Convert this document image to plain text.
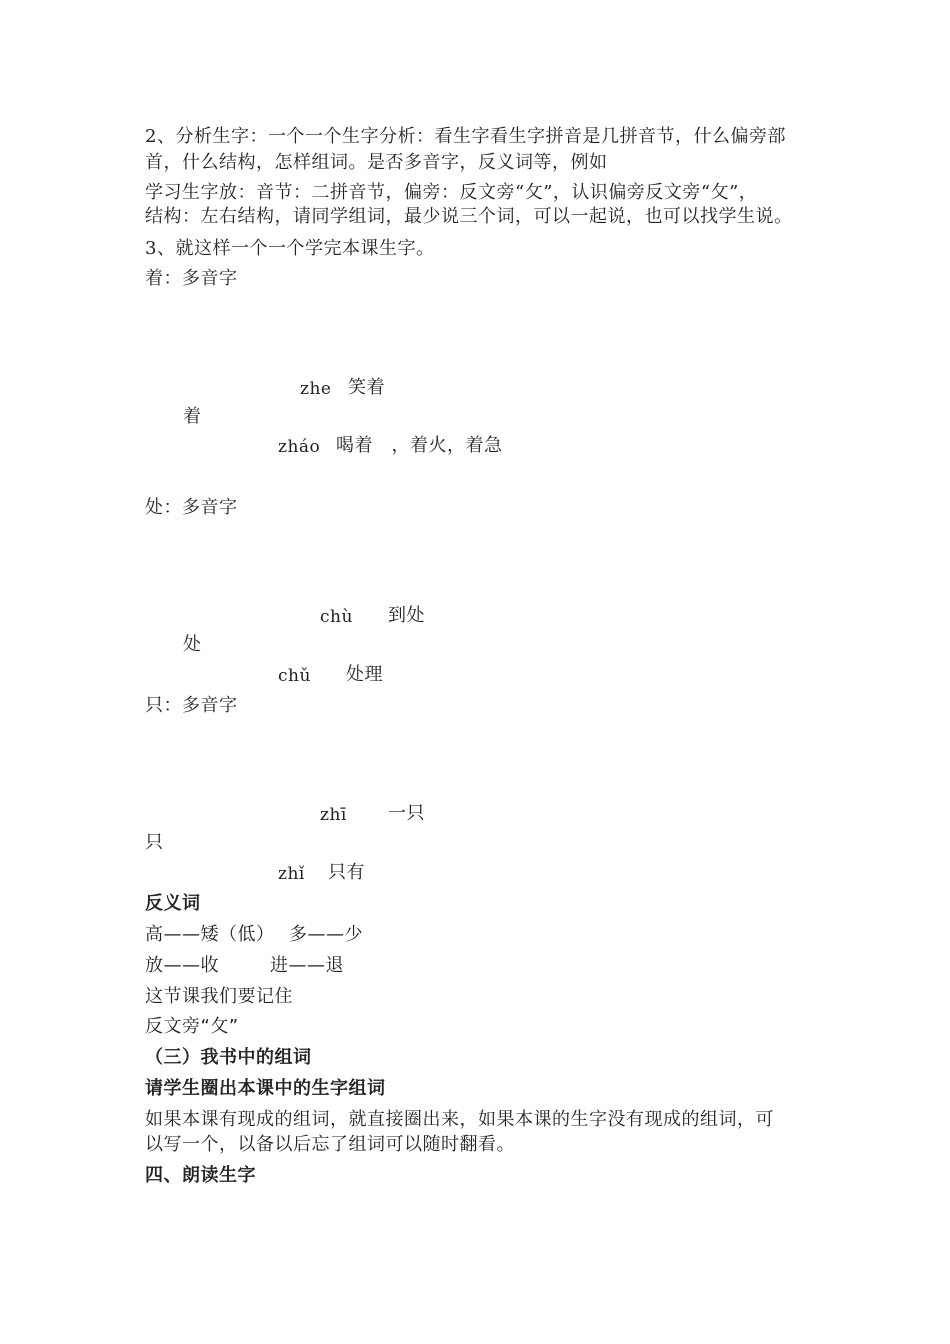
2、分析生字：一个一个生字分析：看生字看生字拼音是几拼音节，什么偏旁部
首，什么结构，怎样组词。是否多音字，反义词等，例如
学习生字放：音节：二拼音节，偏旁：反文旁“攵”，认识偏旁反文旁“攵”，
结构：左右结构，请同学组词，最少说三个词，可以一起说，也可以找学生说。
3、就这样一个一个学完本课生字。
着：多音字
zhe 笑着
着
zháo 喝着　，着火，着急
处：多音字
chù 到处
处
chǔ 处理
只：多音字
zhī 一只
只
zhǐ 只有
反义词
高——矮（低） 多——少
放——收	进——退
这节课我们要记住
反文旁“攵”
（三）我书中的组词
请学生圈出本课中的生字组词
如果本课有现成的组词，就直接圈出来，如果本课的生字没有现成的组词，可
以写一个，以备以后忘了组词可以随时翻看。
四、朗读生字
